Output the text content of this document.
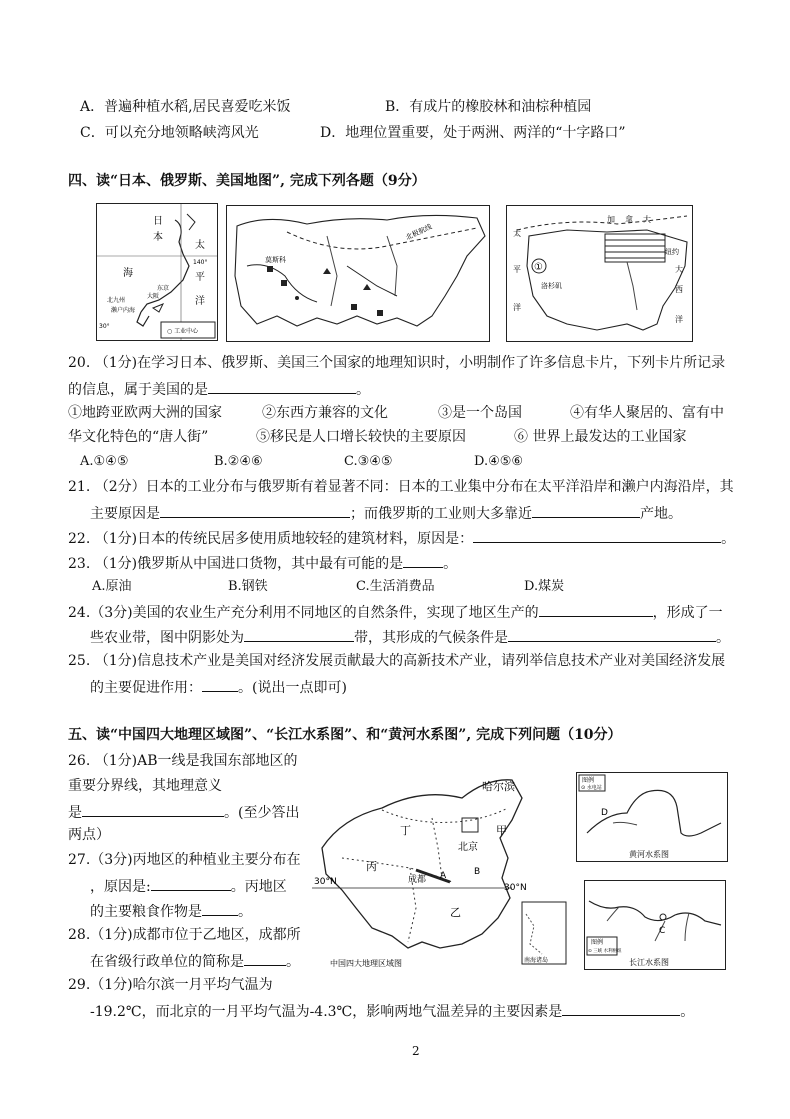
A．普遍种植水稻,居民喜爱吃米饭	B．有成片的橡胶林和油棕种植园
C．可以充分地领略峡湾风光	D．地理位置重要，处于两洲、两洋的“十字路口”
四、读“日本、俄罗斯、美国地图”, 完成下列各题（9分）
日
本
海
太
平
洋
北九州
濑户内海
东京
大阪
30°
140°
○ 工业中心
莫斯科
北极航线
加 拿 大
大
西
洋
太
平
洋
洛杉矶
①
纽约
20. （1分)在学习日本、俄罗斯、美国三个国家的地理知识时，小明制作了许多信息卡片，下列卡片所记录
的信息，属于美国的是	。
①地跨亚欧两大洲的国家	②东西方兼容的文化	③是一个岛国	④有华人聚居的、富有中
华文化特色的“唐人街”	⑤移民是人口增长较快的主要原因	⑥ 世界上最发达的工业国家
A.①④⑤	B.②④⑥	C.③④⑤	D.④⑤⑥
21. （2分）日本的工业分布与俄罗斯有着显著不同：日本的工业集中分布在太平洋沿岸和濑户内海沿岸，其
主要原因是	；而俄罗斯的工业则大多靠近	产地。
22. （1分)日本的传统民居多使用质地较轻的建筑材料，原因是：	。
23. （1分)俄罗斯从中国进口货物，其中最有可能的是	。
A.原油	B.钢铁	C.生活消费品	D.煤炭
24.（3分)美国的农业生产充分利用不同地区的自然条件，实现了地区生产的	，形成了一
些农业带，图中阴影处为	带，其形成的气候条件是	。
25. （1分)信息技术产业是美国对经济发展贡献最大的高新技术产业，请列举信息技术产业对美国经济发展
的主要促进作用：	。(说出一点即可)
五、读“中国四大地理区域图”、“长江水系图”、和“黄河水系图”, 完成下列问题（10分）
26. （1分)AB一线是我国东部地区的
重要分界线，其地理意义
是	。(至少答出
两点）
27.（3分)丙地区的种植业主要分布在
，原因是:	。丙地区
的主要粮食作物是	。
28.（1分)成都市位于乙地区，成都所
在省级行政单位的简称是	。
29.（1分)哈尔滨一月平均气温为
-19.2℃，而北京的一月平均气温为-4.3℃，影响两地气温差异的主要因素是	。
哈尔滨
丁	甲
北京
丙
成都 A	B
乙
30°N
30°N
中国四大地理区域图	南海诸岛
图例
⊙ 水电站
D
黄河水系图
C
图例
⊙ 三峡 水利枢纽
长江水系图
2
